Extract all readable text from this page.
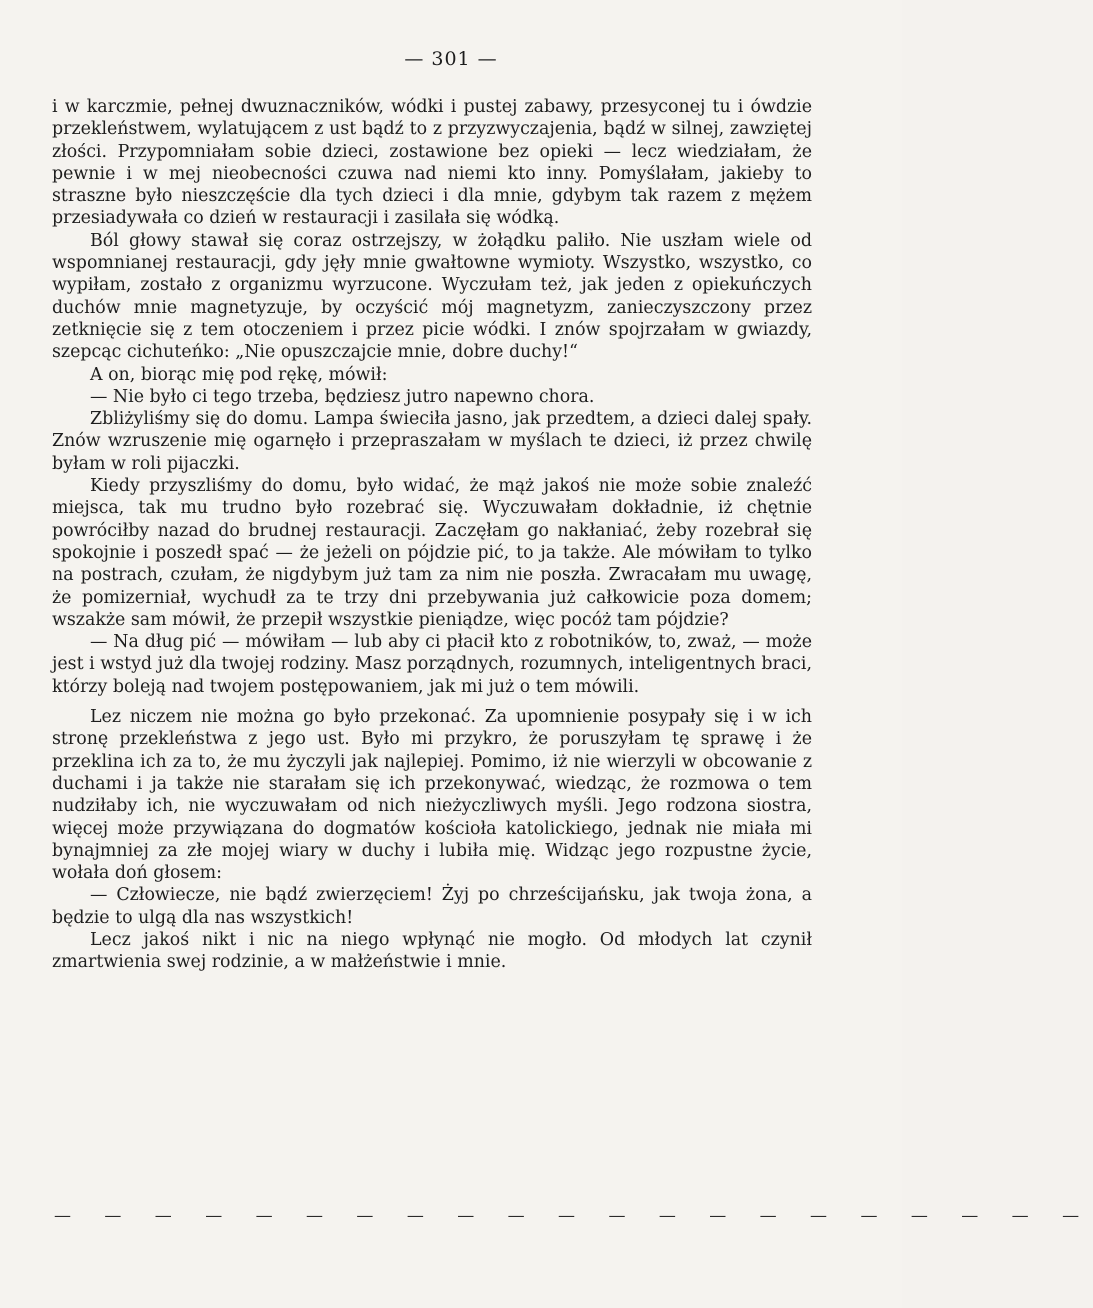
— 301 —

i w karczmie, pełnej dwuznaczników, wódki i pustej zabawy, przesyconej tu i ówdzie przekleństwem, wylatującem z ust bądź to z przyzwyczajenia, bądź w silnej, zawziętej złości. Przypomniałam sobie dzieci, zostawione bez opieki — lecz wiedziałam, że pewnie i w mej nieobecności czuwa nad niemi kto inny. Pomyślałam, jakieby to straszne było nieszczęście dla tych dzieci i dla mnie, gdybym tak razem z mężem przesiadywała co dzień w restauracji i zasilała się wódką.

Ból głowy stawał się coraz ostrzejszy, w żołądku paliło. Nie uszłam wiele od wspomnianej restauracji, gdy jęły mnie gwałtowne wymioty. Wszystko, wszystko, co wypiłam, zostało z organizmu wyrzucone. Wyczułam też, jak jeden z opiekuńczych duchów mnie magnetyzuje, by oczyścić mój magnetyzm, zanieczyszczony przez zetknięcie się z tem otoczeniem i przez picie wódki. I znów spojrzałam w gwiazdy, szepcąc cichuteńko: „Nie opuszczajcie mnie, dobre duchy!“

A on, biorąc mię pod rękę, mówił:

— Nie było ci tego trzeba, będziesz jutro napewno chora.

Zbliżyliśmy się do domu. Lampa świeciła jasno, jak przedtem, a dzieci dalej spały. Znów wzruszenie mię ogarnęło i przepraszałam w myślach te dzieci, iż przez chwilę byłam w roli pijaczki.

Kiedy przyszliśmy do domu, było widać, że mąż jakoś nie może sobie znaleźć miejsca, tak mu trudno było rozebrać się. Wyczuwałam dokładnie, iż chętnie powróciłby nazad do brudnej restauracji. Zaczęłam go nakłaniać, żeby rozebrał się spokojnie i poszedł spać — że jeżeli on pójdzie pić, to ja także. Ale mówiłam to tylko na postrach, czułam, że nigdybym już tam za nim nie poszła. Zwracałam mu uwagę, że pomizerniał, wychudł za te trzy dni przebywania już całkowicie poza domem; wszakże sam mówił, że przepił wszystkie pieniądze, więc pocóż tam pójdzie?

— Na dług pić — mówiłam — lub aby ci płacił kto z robotników, to, zważ, — może jest i wstyd już dla twojej rodziny. Masz porządnych, rozumnych, inteligentnych braci, którzy boleją nad twojem postępowaniem, jak mi już o tem mówili.

Lez niczem nie można go było przekonać. Za upomnienie posypały się i w ich stronę przekleństwa z jego ust. Było mi przykro, że poruszyłam tę sprawę i że przeklina ich za to, że mu życzyli jak najlepiej. Pomimo, iż nie wierzyli w obcowanie z duchami i ja także nie starałam się ich przekonywać, wiedząc, że rozmowa o tem nudziłaby ich, nie wyczuwałam od nich nieżyczliwych myśli. Jego rodzona siostra, więcej może przywiązana do dogmatów kościoła katolickiego, jednak nie miała mi bynajmniej za złe mojej wiary w duchy i lubiła mię. Widząc jego rozpustne życie, wołała doń głosem:

— Człowiecze, nie bądź zwierzęciem! Żyj po chrześcijańsku, jak twoja żona, a będzie to ulgą dla nas wszystkich!

Lecz jakoś nikt i nic na niego wpłynąć nie mogło. Od młodych lat czynił zmartwienia swej rodzinie, a w małżeństwie i mnie.

— — — — — — — — — — — — — — — — — — — — —
